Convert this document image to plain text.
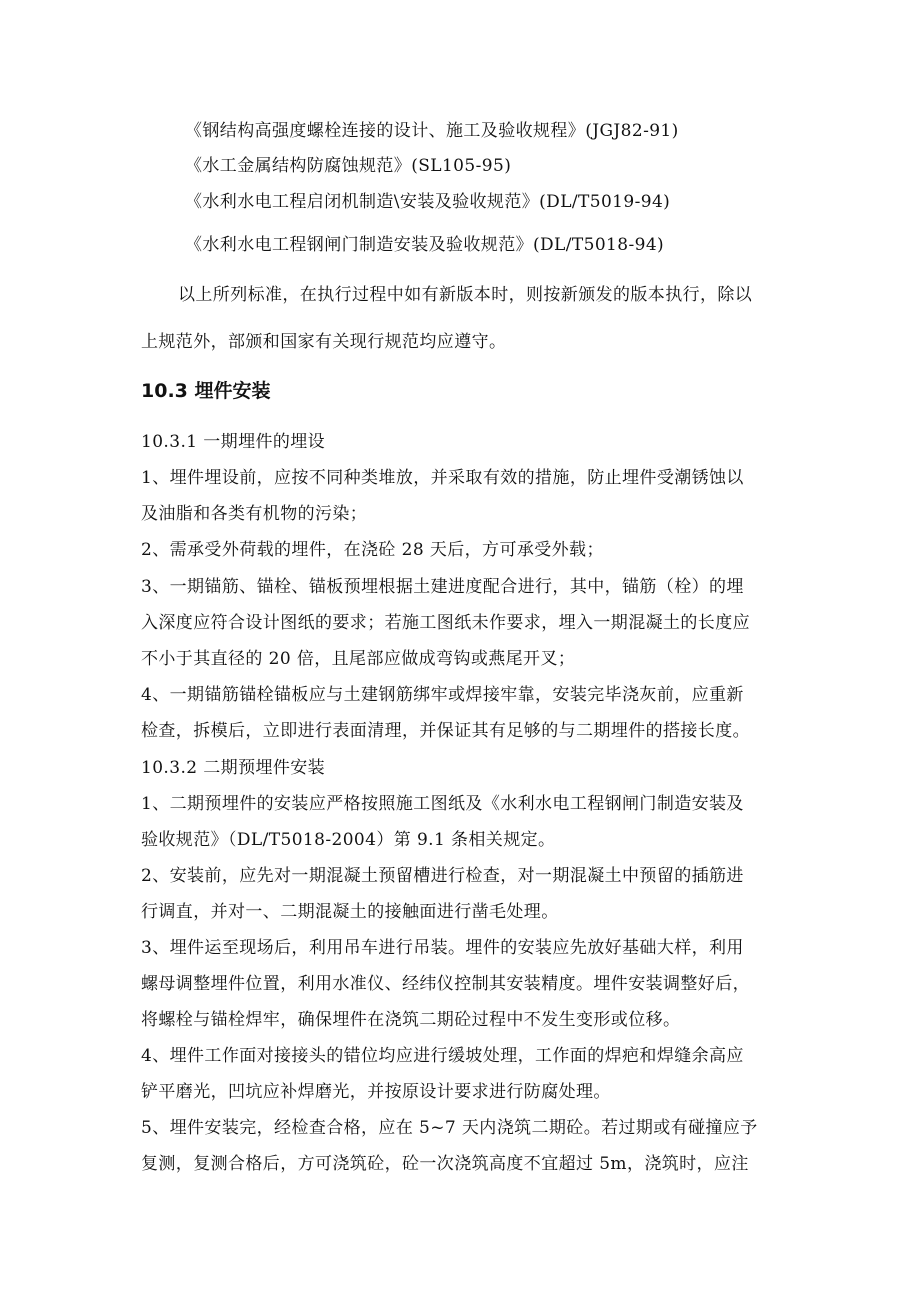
《钢结构高强度螺栓连接的设计、施工及验收规程》(JGJ82-91)
《水工金属结构防腐蚀规范》(SL105-95)
《水利水电工程启闭机制造\安装及验收规范》(DL/T5019-94)
《水利水电工程钢闸门制造安装及验收规范》(DL/T5018-94)
以上所列标准，在执行过程中如有新版本时，则按新颁发的版本执行，除以
上规范外，部颁和国家有关现行规范均应遵守。
10.3 埋件安装
10.3.1 一期埋件的埋设
1、埋件埋设前，应按不同种类堆放，并采取有效的措施，防止埋件受潮锈蚀以
及油脂和各类有机物的污染；
2、需承受外荷载的埋件，在浇砼 28 天后，方可承受外载；
3、一期锚筋、锚栓、锚板预埋根据土建进度配合进行，其中，锚筋（栓）的埋
入深度应符合设计图纸的要求；若施工图纸未作要求，埋入一期混凝土的长度应
不小于其直径的 20 倍，且尾部应做成弯钩或燕尾开叉；
4、一期锚筋锚栓锚板应与土建钢筋绑牢或焊接牢靠，安装完毕浇灰前，应重新
检查，拆模后，立即进行表面清理，并保证其有足够的与二期埋件的搭接长度。
10.3.2 二期预埋件安装
1、二期预埋件的安装应严格按照施工图纸及《水利水电工程钢闸门制造安装及
验收规范》（DL/T5018-2004）第 9.1 条相关规定。
2、安装前，应先对一期混凝土预留槽进行检查，对一期混凝土中预留的插筋进
行调直，并对一、二期混凝土的接触面进行凿毛处理。
3、埋件运至现场后，利用吊车进行吊装。埋件的安装应先放好基础大样，利用
螺母调整埋件位置，利用水准仪、经纬仪控制其安装精度。埋件安装调整好后，
将螺栓与锚栓焊牢，确保埋件在浇筑二期砼过程中不发生变形或位移。
4、埋件工作面对接接头的错位均应进行缓坡处理，工作面的焊疤和焊缝余高应
铲平磨光，凹坑应补焊磨光，并按原设计要求进行防腐处理。
5、埋件安装完，经检查合格，应在 5~7 天内浇筑二期砼。若过期或有碰撞应予
复测，复测合格后，方可浇筑砼，砼一次浇筑高度不宜超过 5m，浇筑时，应注
